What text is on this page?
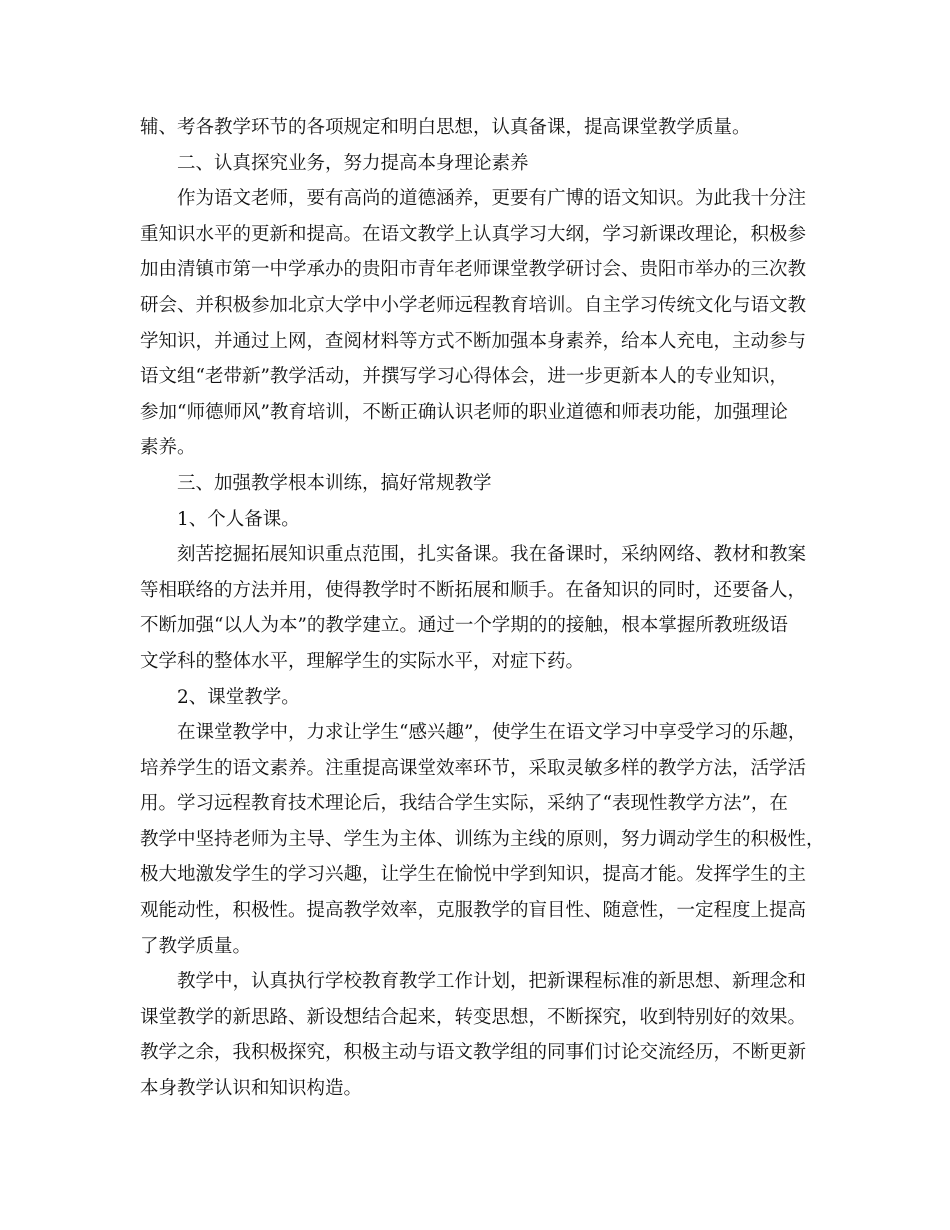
辅、考各教学环节的各项规定和明白思想，认真备课，提高课堂教学质量。
二、认真探究业务，努力提高本身理论素养
作为语文老师，要有高尚的道德涵养，更要有广博的语文知识。为此我十分注
重知识水平的更新和提高。在语文教学上认真学习大纲，学习新课改理论，积极参
加由清镇市第一中学承办的贵阳市青年老师课堂教学研讨会、贵阳市举办的三次教
研会、并积极参加北京大学中小学老师远程教育培训。自主学习传统文化与语文教
学知识，并通过上网，查阅材料等方式不断加强本身素养，给本人充电，主动参与
语文组“老带新”教学活动，并撰写学习心得体会，进一步更新本人的专业知识，
参加“师德师风”教育培训，不断正确认识老师的职业道德和师表功能，加强理论
素养。
三、加强教学根本训练，搞好常规教学
1、个人备课。
刻苦挖掘拓展知识重点范围，扎实备课。我在备课时，采纳网络、教材和教案
等相联络的方法并用，使得教学时不断拓展和顺手。在备知识的同时，还要备人，
不断加强“以人为本”的教学建立。通过一个学期的的接触，根本掌握所教班级语
文学科的整体水平，理解学生的实际水平，对症下药。
2、课堂教学。
在课堂教学中，力求让学生“感兴趣”，使学生在语文学习中享受学习的乐趣，
培养学生的语文素养。注重提高课堂效率环节，采取灵敏多样的教学方法，活学活
用。学习远程教育技术理论后，我结合学生实际，采纳了“表现性教学方法”，在
教学中坚持老师为主导、学生为主体、训练为主线的原则，努力调动学生的积极性，
极大地激发学生的学习兴趣，让学生在愉悦中学到知识，提高才能。发挥学生的主
观能动性，积极性。提高教学效率，克服教学的盲目性、随意性，一定程度上提高
了教学质量。
教学中，认真执行学校教育教学工作计划，把新课程标准的新思想、新理念和
课堂教学的新思路、新设想结合起来，转变思想，不断探究，收到特别好的效果。
教学之余，我积极探究，积极主动与语文教学组的同事们讨论交流经历，不断更新
本身教学认识和知识构造。
